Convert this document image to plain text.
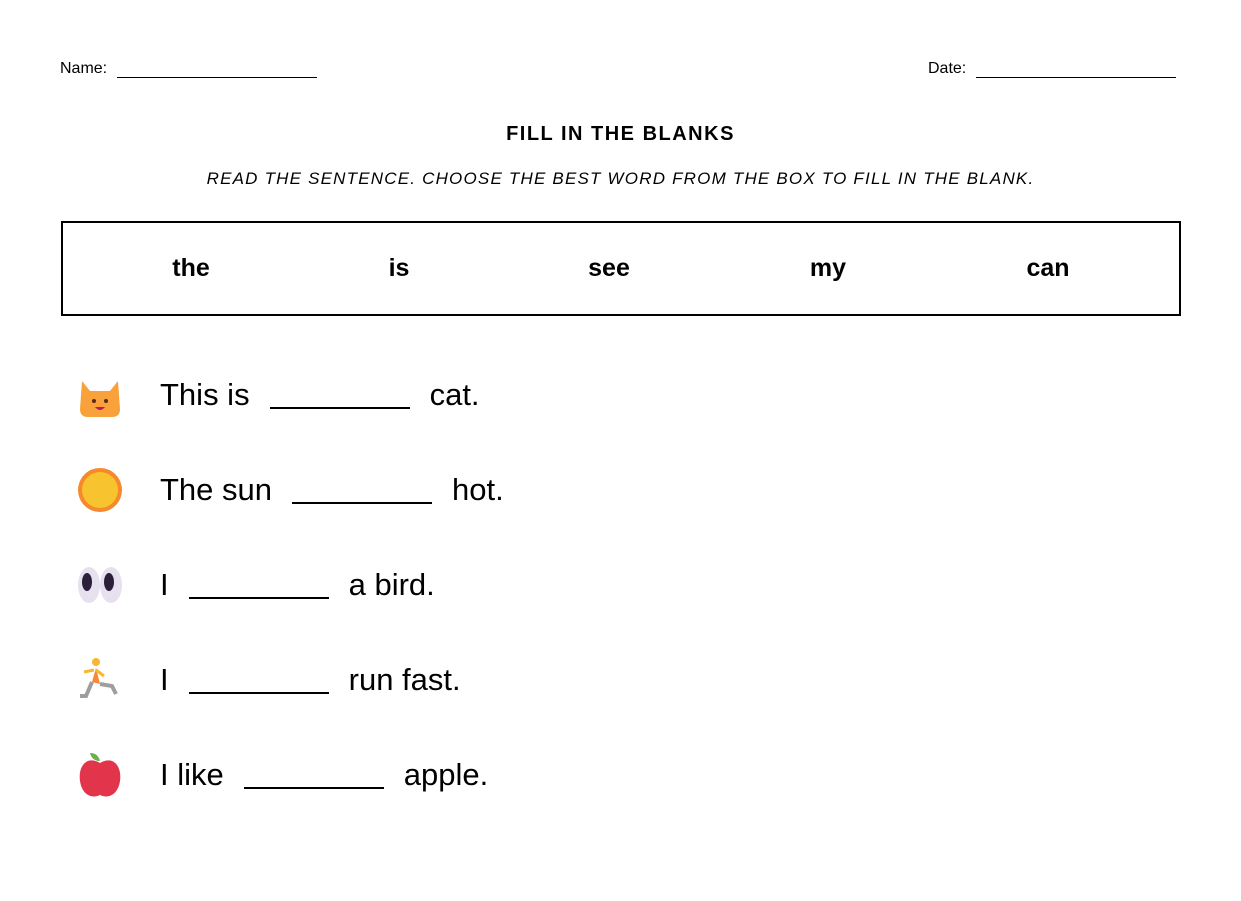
Name:	Date:
FILL IN THE BLANKS
READ THE SENTENCE. CHOOSE THE BEST WORD FROM THE BOX TO FILL IN THE BLANK.
the	is	see	my	can
This is	cat.
The sun	hot.
I	a bird.
I	run fast.
I like	apple.
